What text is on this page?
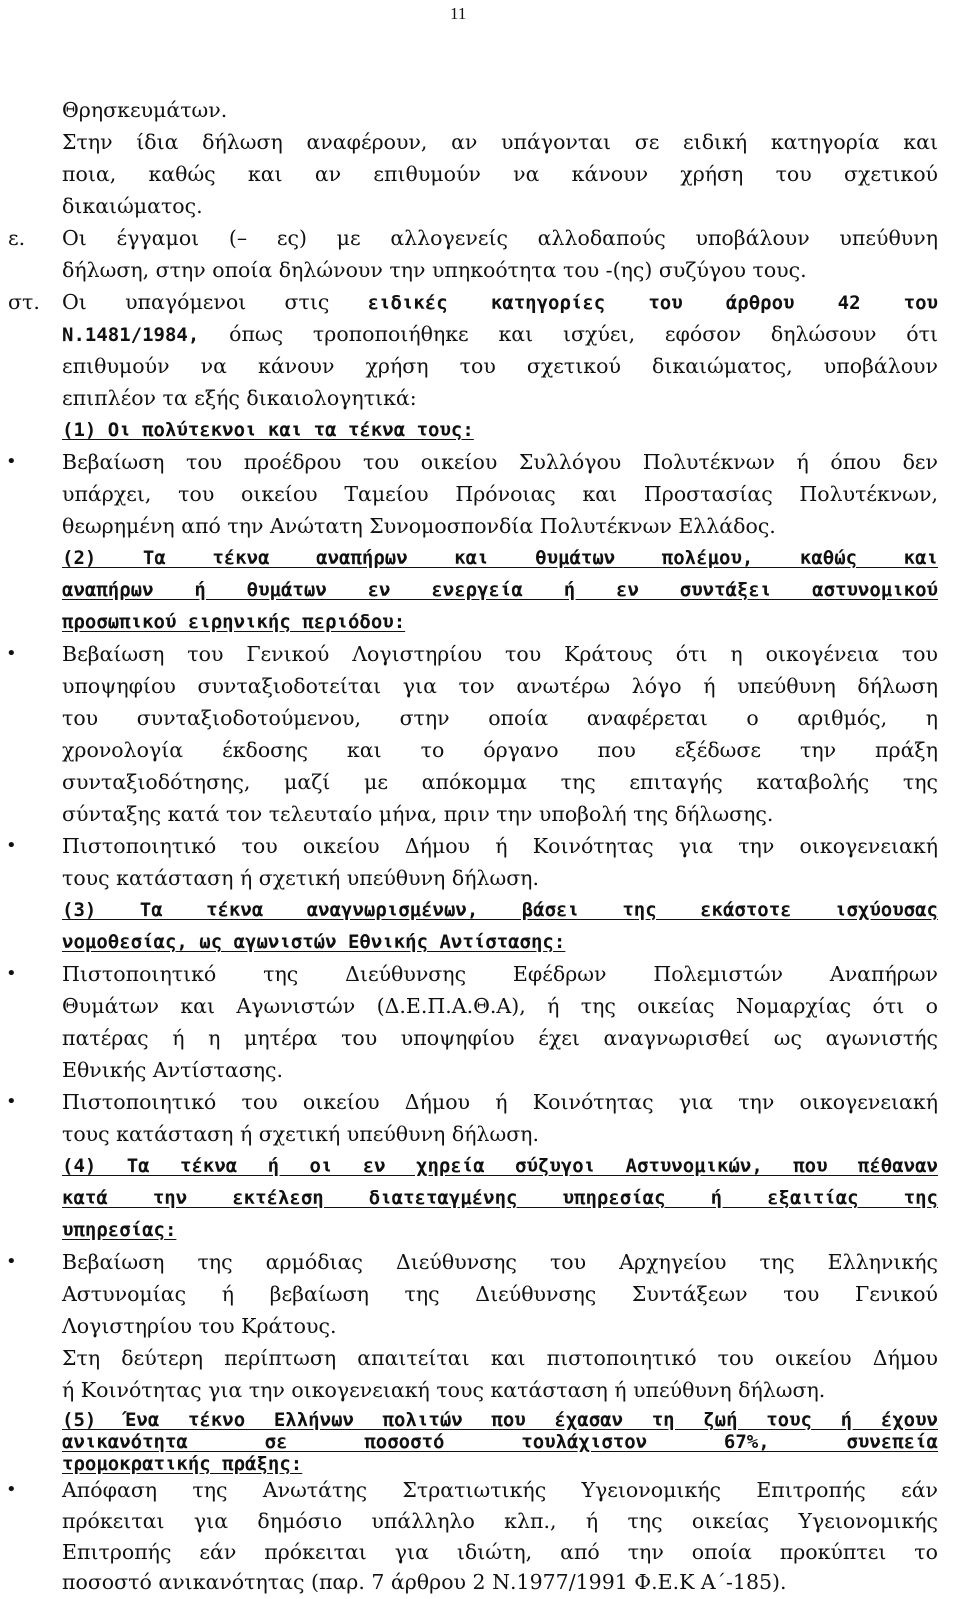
11
Θρησκευμάτων.
Στην ίδια δήλωση αναφέρουν, αν υπάγονται σε ειδική κατηγορία και
ποια, καθώς και αν επιθυμούν να κάνουν χρήση του σχετικού
δικαιώματος.
ε. Οι έγγαμοι (– ες) με αλλογενείς αλλοδαπούς υποβάλουν υπεύθυνη
δήλωση, στην οποία δηλώνουν την υπηκοότητα του -(ης) συζύγου τους.
στ. Οι υπαγόμενοι στις ειδικές κατηγορίες του άρθρου 42 του
Ν.1481/1984, όπως τροποποιήθηκε και ισχύει, εφόσον δηλώσουν ότι
επιθυμούν να κάνουν χρήση του σχετικού δικαιώματος, υποβάλουν
επιπλέον τα εξής δικαιολογητικά:
(1) Οι πολύτεκνοι και τα τέκνα τους:
• Βεβαίωση του προέδρου του οικείου Συλλόγου Πολυτέκνων ή όπου δεν
υπάρχει, του οικείου Ταμείου Πρόνοιας και Προστασίας Πολυτέκνων,
θεωρημένη από την Ανώτατη Συνομοσπονδία Πολυτέκνων Ελλάδος.
(2) Τα τέκνα αναπήρων και θυμάτων πολέμου, καθώς και
αναπήρων ή θυμάτων εν ενεργεία ή εν συντάξει αστυνομικού
προσωπικού ειρηνικής περιόδου:
• Βεβαίωση του Γενικού Λογιστηρίου του Κράτους ότι η οικογένεια του
υποψηφίου συνταξιοδοτείται για τον ανωτέρω λόγο ή υπεύθυνη δήλωση
του συνταξιοδοτούμενου, στην οποία αναφέρεται ο αριθμός, η
χρονολογία έκδοσης και το όργανο που εξέδωσε την πράξη
συνταξιοδότησης, μαζί με απόκομμα της επιταγής καταβολής της
σύνταξης κατά τον τελευταίο μήνα, πριν την υποβολή της δήλωσης.
• Πιστοποιητικό του οικείου Δήμου ή Κοινότητας για την οικογενειακή
τους κατάσταση ή σχετική υπεύθυνη δήλωση.
(3) Τα τέκνα αναγνωρισμένων, βάσει της εκάστοτε ισχύουσας
νομοθεσίας, ως αγωνιστών Εθνικής Αντίστασης:
• Πιστοποιητικό της Διεύθυνσης Εφέδρων Πολεμιστών Αναπήρων
Θυμάτων και Αγωνιστών (Δ.Ε.Π.Α.Θ.Α), ή της οικείας Νομαρχίας ότι ο
πατέρας ή η μητέρα του υποψηφίου έχει αναγνωρισθεί ως αγωνιστής
Εθνικής Αντίστασης.
• Πιστοποιητικό του οικείου Δήμου ή Κοινότητας για την οικογενειακή
τους κατάσταση ή σχετική υπεύθυνη δήλωση.
(4) Τα τέκνα ή οι εν χηρεία σύζυγοι Αστυνομικών, που πέθαναν
κατά την εκτέλεση διατεταγμένης υπηρεσίας ή εξαιτίας της
υπηρεσίας:
• Βεβαίωση της αρμόδιας Διεύθυνσης του Αρχηγείου της Ελληνικής
Αστυνομίας ή βεβαίωση της Διεύθυνσης Συντάξεων του Γενικού
Λογιστηρίου του Κράτους.
Στη δεύτερη περίπτωση απαιτείται και πιστοποιητικό του οικείου Δήμου
ή Κοινότητας για την οικογενειακή τους κατάσταση ή υπεύθυνη δήλωση.
(5) Ένα τέκνο Ελλήνων πολιτών που έχασαν τη ζωή τους ή έχουν
ανικανότητα σε ποσοστό τουλάχιστον 67%, συνεπεία
τρομοκρατικής πράξης:
• Απόφαση της Ανωτάτης Στρατιωτικής Υγειονομικής Επιτροπής εάν
πρόκειται για δημόσιο υπάλληλο κλπ., ή της οικείας Υγειονομικής
Επιτροπής εάν πρόκειται για ιδιώτη, από την οποία προκύπτει το
ποσοστό ανικανότητας (παρ. 7 άρθρου 2 Ν.1977/1991 Φ.Ε.Κ Α΄-185).
